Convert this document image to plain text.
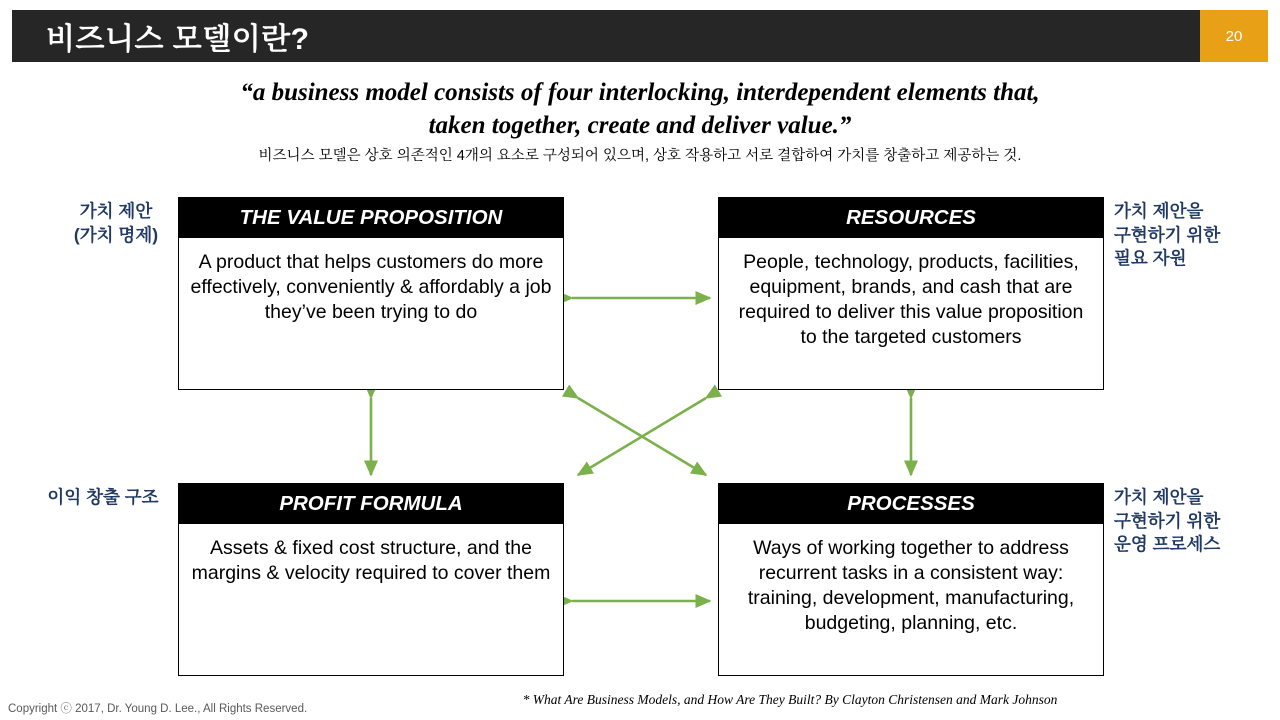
비즈니스 모델이란?	20
“a business model consists of four interlocking, interdependent elements that,
taken together, create and deliver value.”
비즈니스 모델은 상호 의존적인 4개의 요소로 구성되어 있으며, 상호 작용하고 서로 결합하여 가치를 창출하고 제공하는 것.
THE VALUE PROPOSITION
A product that helps customers do more effectively, conveniently & affordably a job they’ve been trying to do
RESOURCES
People, technology, products, facilities, equipment, brands, and cash that are required to deliver this value proposition to the targeted customers
PROFIT FORMULA
Assets & fixed cost structure, and the margins & velocity required to cover them
PROCESSES
Ways of working together to address recurrent tasks in a consistent way: training, development, manufacturing, budgeting, planning, etc.
가치 제안
(가치 명제)
가치 제안을
구현하기 위한
필요 자원
이익 창출 구조	가치 제안을
구현하기 위한
운영 프로세스
* What Are Business Models, and How Are They Built? By Clayton Christensen and Mark Johnson
Copyright ⓒ 2017, Dr. Young D. Lee., All Rights Reserved.
